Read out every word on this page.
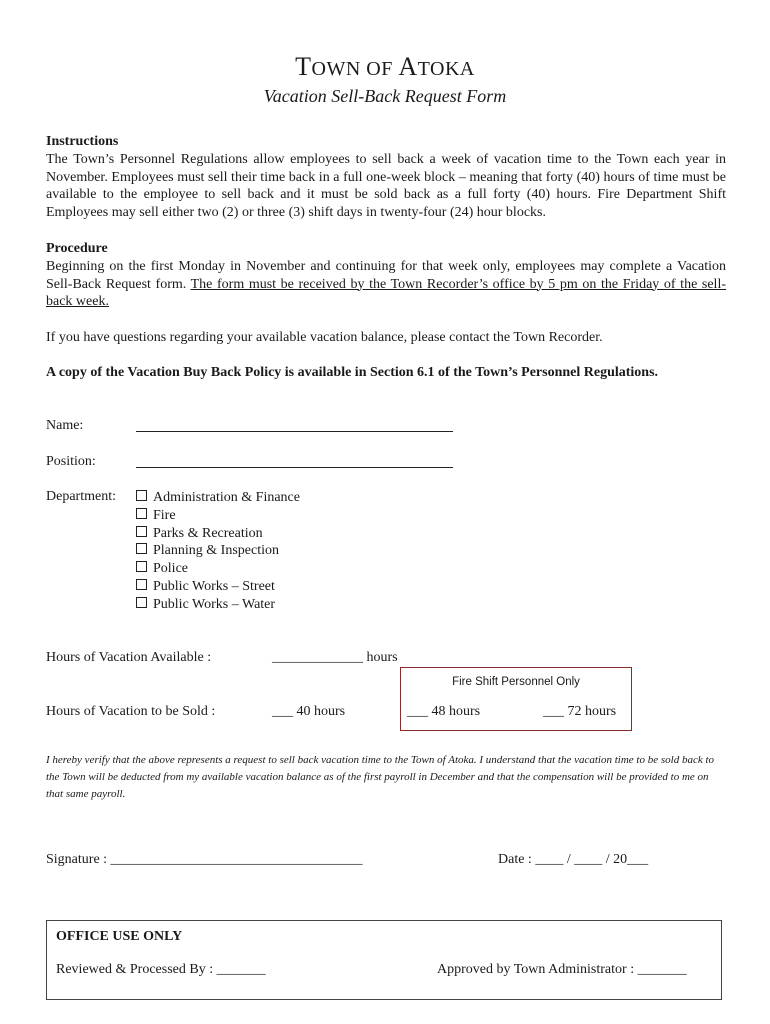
TOWN OF ATOKA
Vacation Sell-Back Request Form
Instructions
The Town’s Personnel Regulations allow employees to sell back a week of vacation time to the Town each year in November. Employees must sell their time back in a full one-week block – meaning that forty (40) hours of time must be available to the employee to sell back and it must be sold back as a full forty (40) hours. Fire Department Shift Employees may sell either two (2) or three (3) shift days in twenty-four (24) hour blocks.
Procedure
Beginning on the first Monday in November and continuing for that week only, employees may complete a Vacation Sell-Back Request form. The form must be received by the Town Recorder’s office by 5 pm on the Friday of the sell-back week.
If you have questions regarding your available vacation balance, please contact the Town Recorder.
A copy of the Vacation Buy Back Policy is available in Section 6.1 of the Town’s Personnel Regulations.
Name:
Position:
Department:	Administration & Finance
Fire
Parks & Recreation
Planning & Inspection
Police
Public Works – Street
Public Works – Water
Hours of Vacation Available :	_____________ hours
Fire Shift Personnel Only
Hours of Vacation to be Sold :	___ 40 hours	___ 48 hours	___ 72 hours
I hereby verify that the above represents a request to sell back vacation time to the Town of Atoka. I understand that the vacation time to be sold back to the Town will be deducted from my available vacation balance as of the first payroll in December and that the compensation will be provided to me on that same payroll.
Signature : ____________________________________	Date : ____ / ____ / 20___
OFFICE USE ONLY
Reviewed & Processed By : _______	Approved by Town Administrator : _______
